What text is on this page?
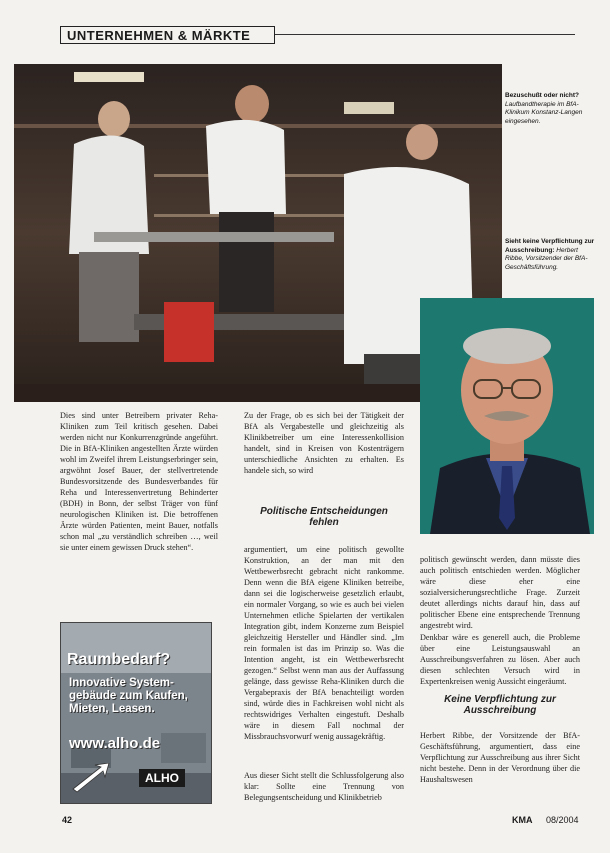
UNTERNEHMEN & MÄRKTE
Bezuschußt oder nicht?
Laufbandtherapie im BfA-Klinikum Konstanz-Langen eingesehen.
Sieht keine Verpflichtung zur Ausschreibung: Herbert Ribbe, Vorsitzender der BfA-Geschäftsführung.
Dies sind unter Betreibern privater Reha-Kliniken zum Teil kritisch gesehen. Dabei werden nicht nur Konkurrenzgründe angeführt. Die in BfA-Kliniken angestellten Ärzte würden wohl im Zweifel ihrem Leistungserbringer sein, argwöhnt Josef Bauer, der stellvertretende Bundesvorsitzende des Bundesverbandes für Reha und Interessenvertretung Behinderter (BDH) in Bonn, der selbst Träger von fünf neurologischen Kliniken ist. Die betroffenen Ärzte würden Patienten, meint Bauer, notfalls schon mal „zu verständlich schreiben …, weil sie unter einem gewissen Druck stehen“.
Zu der Frage, ob es sich bei der Tätigkeit der BfA als Vergabestelle und gleichzeitig als Klinikbetreiber um eine Interessenkollision handelt, sind in Kreisen von Kostenträgern unterschiedliche Ansichten zu erhalten. Es handele sich, so wird
Politische Entscheidungen fehlen
argumentiert, um eine politisch gewollte Konstruktion, an der man mit den Wettbewerbsrecht gebracht nicht rankomme. Denn wenn die BfA eigene Kliniken betreibe, dann sei die logischerweise gesetzlich erlaubt, ein normaler Vorgang, so wie es auch bei vielen Unternehmen etliche Spielarten der vertikalen Integration gibt, indem Konzerne zum Beispiel gleichzeitig Hersteller und Händler sind. „Im rein formalen ist das im Prinzip so. Was die Intention angeht, ist ein Wettbewerbsrecht gezogen.“ Selbst wenn man aus der Auffassung gelänge, dass gewisse Reha-Kliniken durch die Vergabepraxis der BfA benachteiligt worden sind, würde dies in Fachkreisen wohl nicht als rechtswidriges Verhalten eingestuft. Deshalb wäre in diesem Fall nochmal der Missbrauchsvorwurf wenig aussagekräftig.
Aus dieser Sicht stellt die Schlussfolgerung also klar: Sollte eine Trennung von Belegungsentscheidung und Klinikbetrieb
politisch gewünscht werden, dann müsste dies auch politisch entschieden werden. Möglicher wäre diese eher eine sozialversicherungsrechtliche Frage. Zurzeit deutet allerdings nichts darauf hin, dass auf politischer Ebene eine entsprechende Trennung angestrebt wird.
Denkbar wäre es generell auch, die Probleme über eine Leistungsauswahl an Ausschreibungsverfahren zu lösen. Aber auch diesen schlechten Versuch wird in Expertenkreisen wenig Aussicht eingeräumt.
Keine Verpflichtung zur Ausschreibung
Herbert Ribbe, der Vorsitzende der BfA-Geschäftsführung, argumentiert, dass eine Verpflichtung zur Ausschreibung aus ihrer Sicht nicht bestehe. Denn in der Verordnung über die Haushaltswesen
Raumbedarf?
Innovative System-
gebäude zum Kaufen,
Mieten, Leasen.
www.alho.de
ALHO
42	KMA 08/2004
